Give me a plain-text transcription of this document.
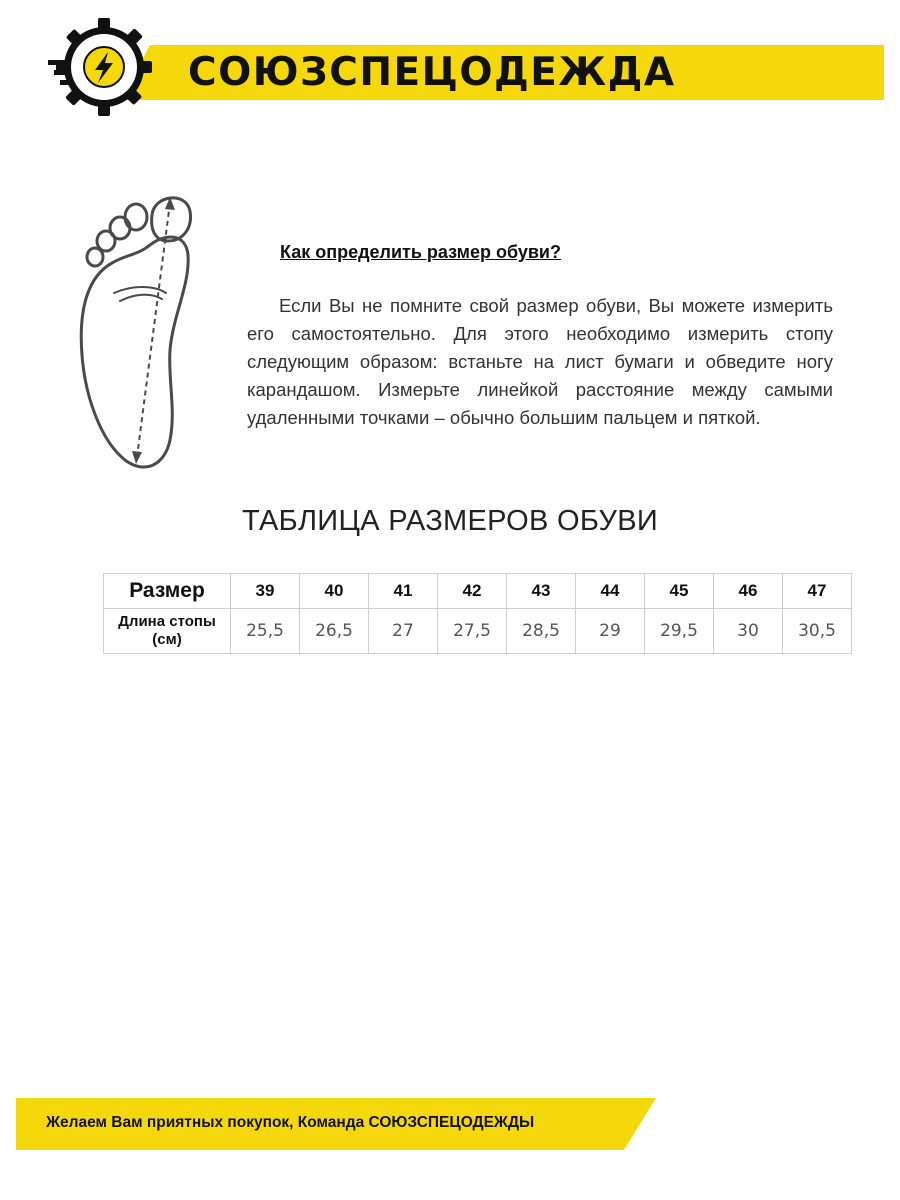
СОЮЗСПЕЦОДЕЖДА
Как определить размер обуви?
Если Вы не помните свой размер обуви, Вы можете измерить его самостоятельно. Для этого необходимо измерить стопу следующим образом: встаньте на лист бумаги и обведите ногу карандашом. Измерьте линейкой расстояние между самыми удаленными точками – обычно большим пальцем и пяткой.
ТАБЛИЦА РАЗМЕРОВ ОБУВИ
Размер	39	40	41	42	43	44	45	46	47
Длина стопы (см)	25,5	26,5	27	27,5	28,5	29	29,5	30	30,5
Желаем Вам приятных покупок, Команда СОЮЗСПЕЦОДЕЖДЫ
